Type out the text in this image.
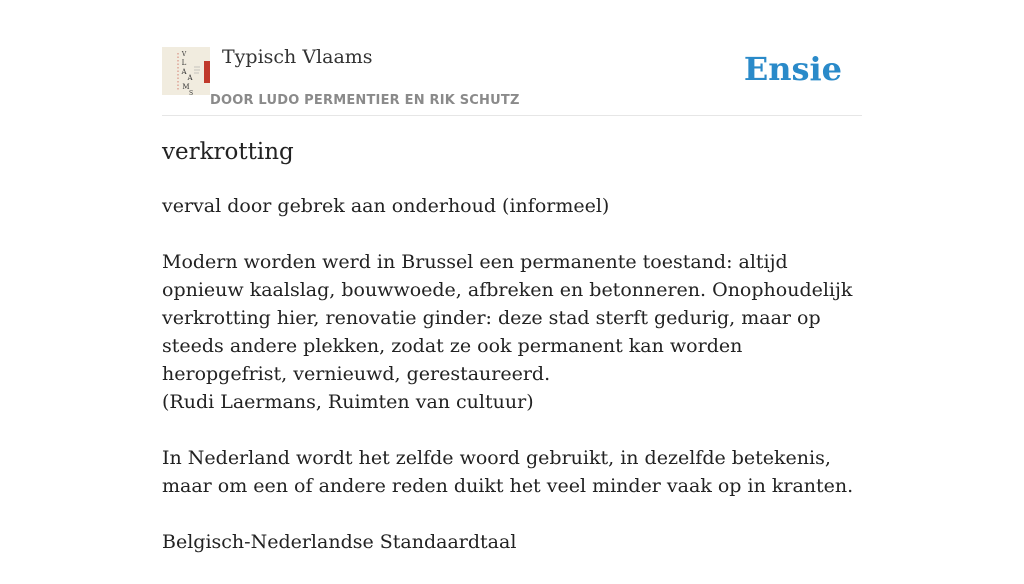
V
L
A
A
M
S
Typisch Vlaams
DOOR LUDO PERMENTIER EN RIK SCHUTZ
Ensie
verkrotting

verval door gebrek aan onderhoud (informeel)

Modern worden werd in Brussel een permanente toestand: altijd opnieuw kaalslag, bouwwoede, afbreken en betonneren. Onophoudelijk verkrotting hier, renovatie ginder: deze stad sterft gedurig, maar op steeds andere plekken, zodat ze ook permanent kan worden heropgefrist, vernieuwd, gerestaureerd.
(Rudi Laermans, Ruimten van cultuur)

In Nederland wordt het zelfde woord gebruikt, in dezelfde betekenis, maar om een of andere reden duikt het veel minder vaak op in kranten.

Belgisch-Nederlandse Standaardtaal
